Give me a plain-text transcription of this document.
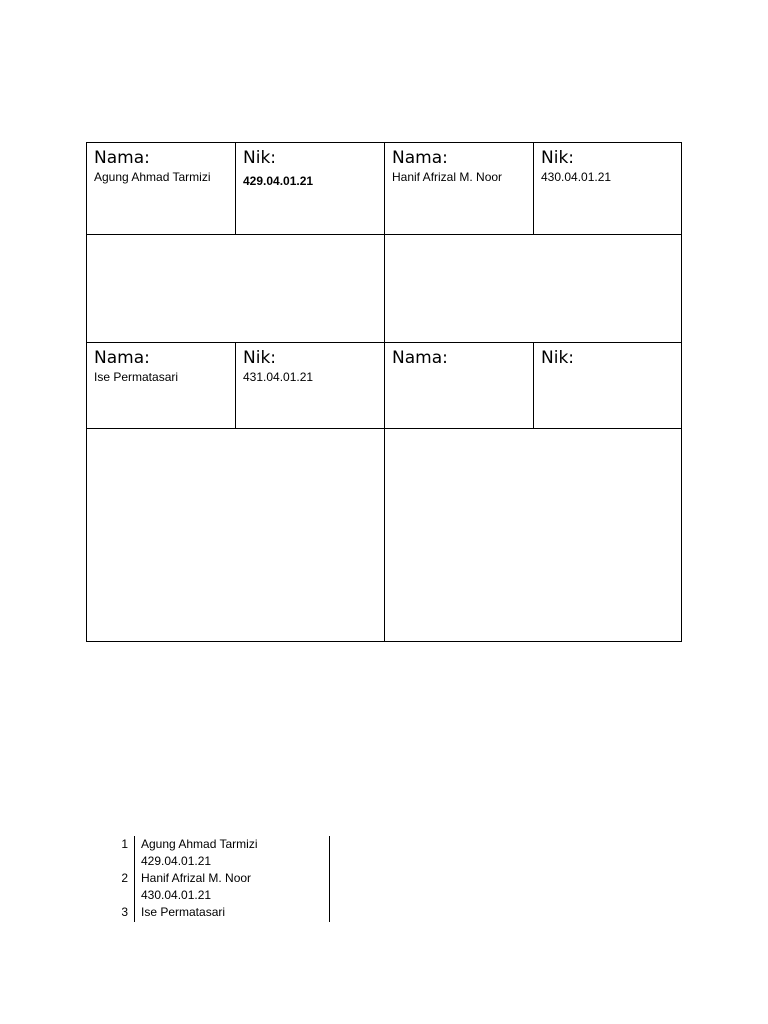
Nama:
Agung Ahmad Tarmizi
Nik:
429.04.01.21
Nama:
Hanif Afrizal M. Noor
Nik:
430.04.01.21
Nama:
Ise Permatasari
Nik:
431.04.01.21
Nama:	Nik:
1 Agung Ahmad Tarmizi
429.04.01.21
2 Hanif Afrizal M. Noor
430.04.01.21
3 Ise Permatasari
